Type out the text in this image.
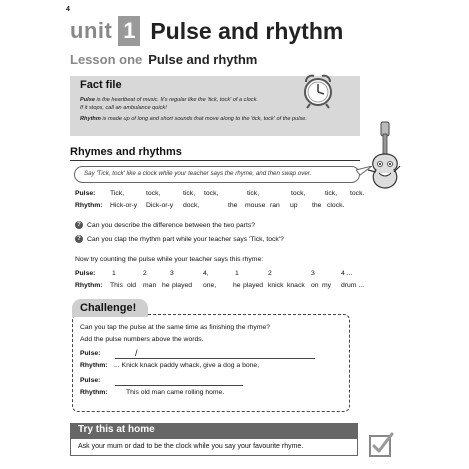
4
unit 1 Pulse and rhythm
Lesson one Pulse and rhythm
Fact file
Pulse is the heartbeat of music. It's regular like the 'tick, tock' of a clock.
If it stops, call an ambulance quick!
Rhythm is made up of long and short sounds that move along to the 'tick, tock' of the pulse.
Rhymes and rhythms
Say 'Tick, tock' like a clock while your teacher says the rhyme, and then swap over.
Pulse: Tick,	tock,	tick, tock,	tick,	tock,	tick, tock.
Rhythm: Hick-or-y Dick-or-y dock,	the mouse ran up the clock.
? Can you describe the difference between the two parts?
? Can you clap the rhythm part while your teacher says 'Tick, tock'?
Now try counting the pulse while your teacher says this rhyme:
Pulse: 1	2	3	4,	1	2	3	4 ...
Rhythm: This old man he played one, he played knick knack on my drum ...
Challenge!
Can you tap the pulse at the same time as finishing the rhyme?
Add the pulse numbers above the words.
Pulse:	/
Rhythm: ... Knick knack paddy whack, give a dog a bone,
Pulse:
Rhythm:	This old man came rolling home.
Try this at home
Ask your mum or dad to be the clock while you say your favourite rhyme.
